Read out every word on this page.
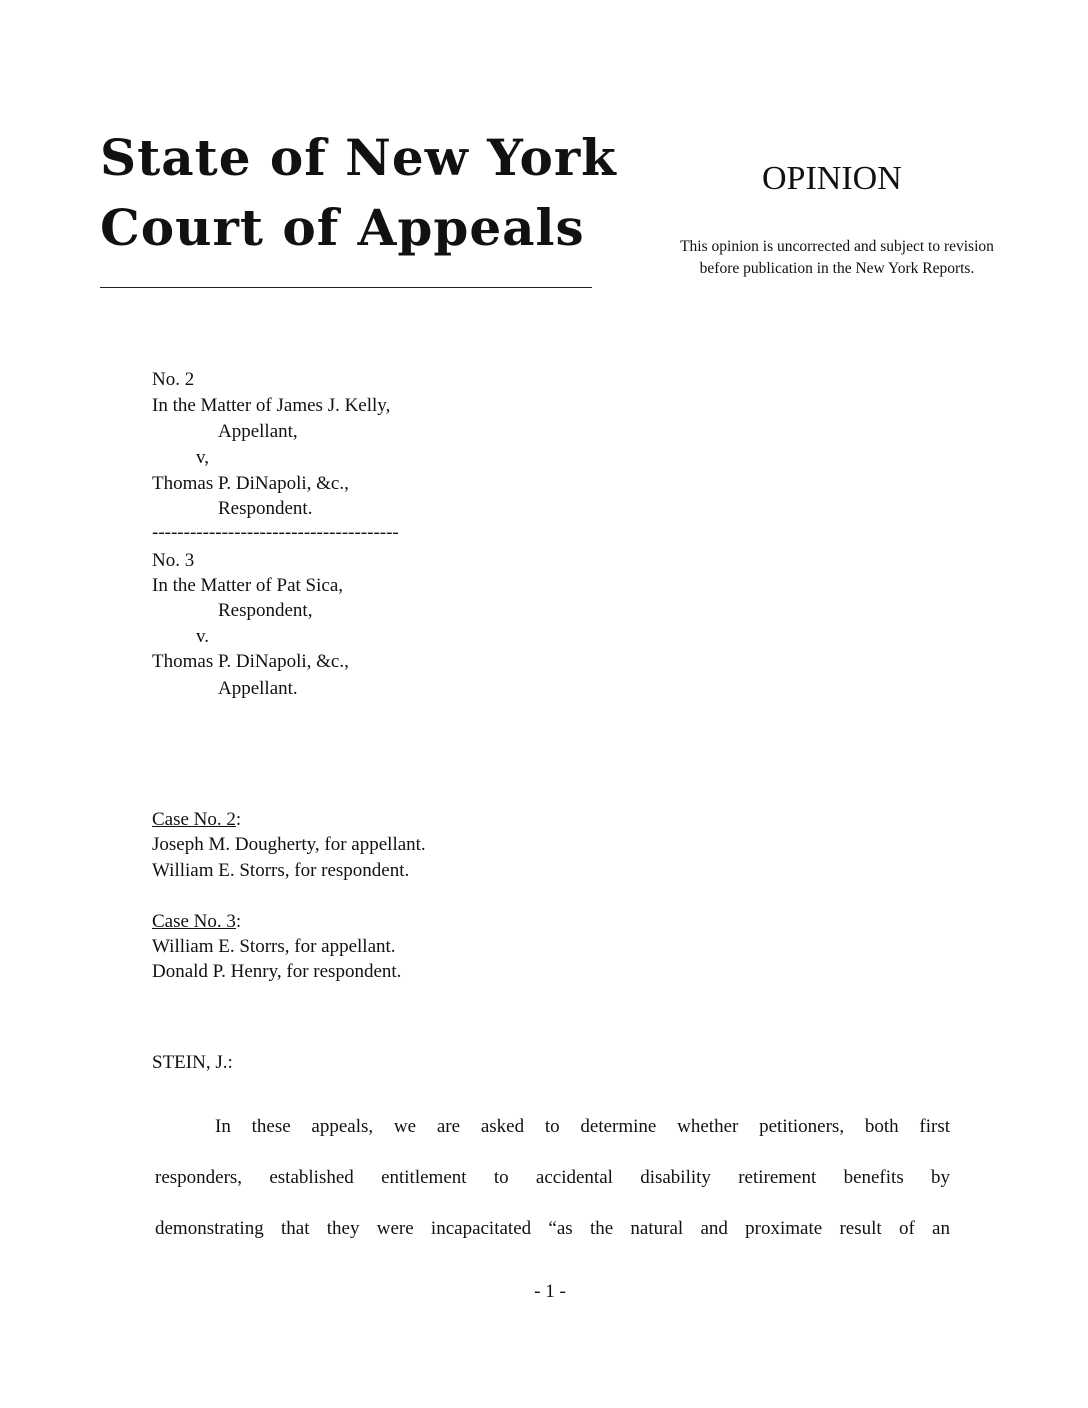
State of New York
Court of Appeals
OPINION
This opinion is uncorrected and subject to revision
before publication in the New York Reports.
No. 2
In the Matter of James J. Kelly,
Appellant,
v,
Thomas P. DiNapoli, &c.,
Respondent.
---------------------------------------
No. 3
In the Matter of Pat Sica,
Respondent,
v.
Thomas P. DiNapoli, &c.,
Appellant.
Case No. 2:
Joseph M. Dougherty, for appellant.
William E. Storrs, for respondent.
Case No. 3:
William E. Storrs, for appellant.
Donald P. Henry, for respondent.
STEIN, J.:
In these appeals, we are asked to determine whether petitioners, both first
responders, established entitlement to accidental disability retirement benefits by
demonstrating that they were incapacitated “as the natural and proximate result of an
- 1 -
